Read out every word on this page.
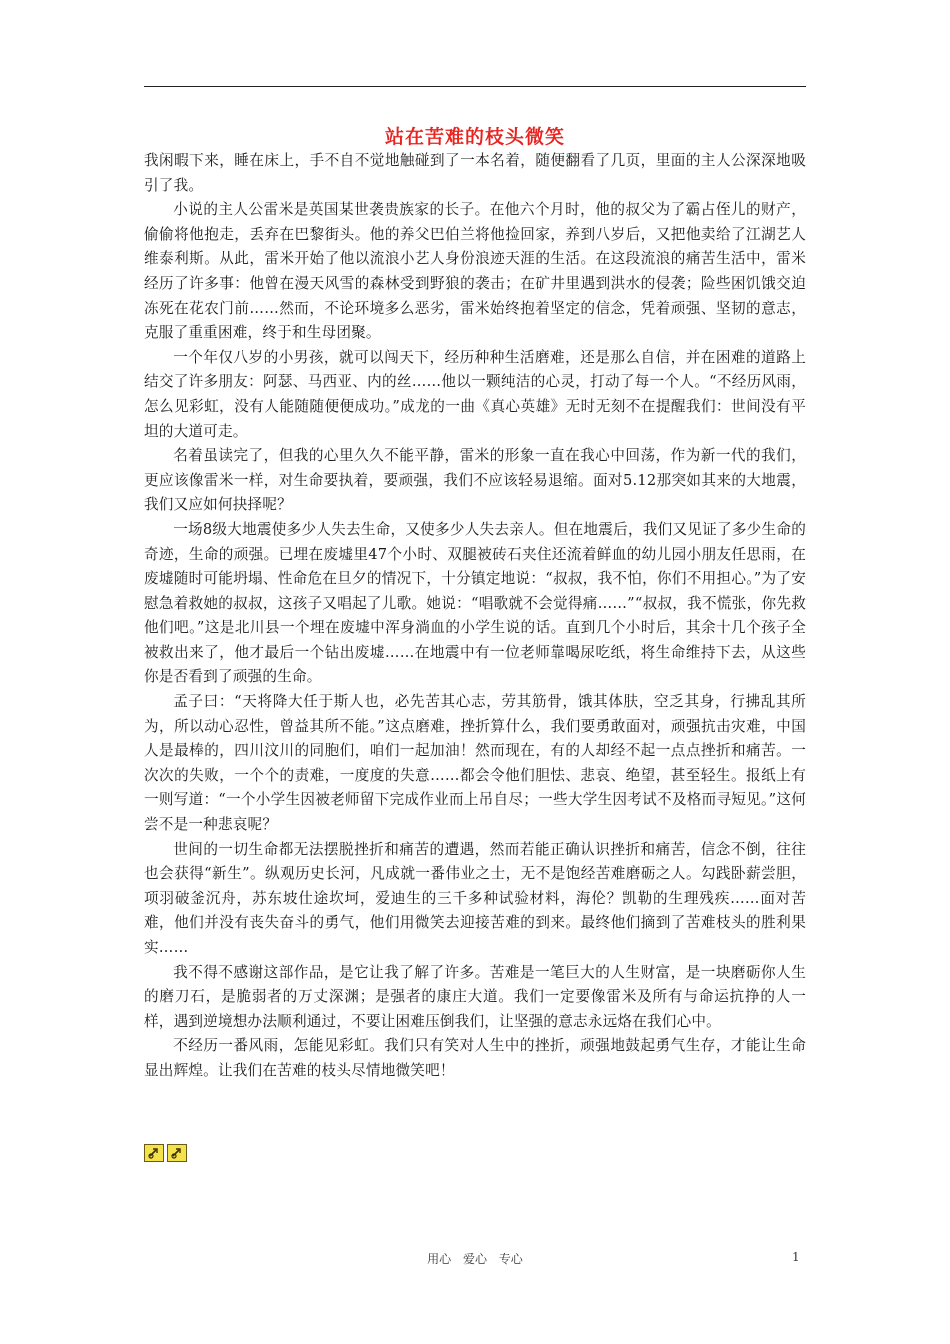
站在苦难的枝头微笑

我闲暇下来，睡在床上，手不自不觉地触碰到了一本名着，随便翻看了几页，里面的主人公深深地吸引了我。

小说的主人公雷米是英国某世袭贵族家的长子。在他六个月时，他的叔父为了霸占侄儿的财产，偷偷将他抱走，丢弃在巴黎街头。他的养父巴伯兰将他捡回家，养到八岁后，又把他卖给了江湖艺人维泰利斯。从此，雷米开始了他以流浪小艺人身份浪迹天涯的生活。在这段流浪的痛苦生活中，雷米经历了许多事：他曾在漫天风雪的森林受到野狼的袭击；在矿井里遇到洪水的侵袭；险些困饥饿交迫冻死在花农门前……然而，不论环境多么恶劣，雷米始终抱着坚定的信念，凭着顽强、坚韧的意志，克服了重重困难，终于和生母团聚。

一个年仅八岁的小男孩，就可以闯天下，经历种种生活磨难，还是那么自信，并在困难的道路上结交了许多朋友：阿瑟、马西亚、内的丝……他以一颗纯洁的心灵，打动了每一个人。“不经历风雨，怎么见彩虹，没有人能随随便便成功。”成龙的一曲《真心英雄》无时无刻不在提醒我们：世间没有平坦的大道可走。

名着虽读完了，但我的心里久久不能平静，雷米的形象一直在我心中回荡，作为新一代的我们，更应该像雷米一样，对生命要执着，要顽强，我们不应该轻易退缩。面对5.12那突如其来的大地震，我们又应如何抉择呢？

一场8级大地震使多少人失去生命，又使多少人失去亲人。但在地震后，我们又见证了多少生命的奇迹，生命的顽强。已埋在废墟里47个小时、双腿被砖石夹住还流着鲜血的幼儿园小朋友任思雨，在废墟随时可能坍塌、性命危在旦夕的情况下，十分镇定地说：“叔叔，我不怕，你们不用担心。”为了安慰急着救她的叔叔，这孩子又唱起了儿歌。她说：“唱歌就不会觉得痛……”“叔叔，我不慌张，你先救他们吧。”这是北川县一个埋在废墟中浑身淌血的小学生说的话。直到几个小时后，其余十几个孩子全被救出来了，他才最后一个钻出废墟……在地震中有一位老师靠喝尿吃纸，将生命维持下去，从这些你是否看到了顽强的生命。

孟子曰：“天将降大任于斯人也，必先苦其心志，劳其筋骨，饿其体肤，空乏其身，行拂乱其所为，所以动心忍性，曾益其所不能。”这点磨难，挫折算什么，我们要勇敢面对，顽强抗击灾难，中国人是最棒的，四川汶川的同胞们，咱们一起加油！然而现在，有的人却经不起一点点挫折和痛苦。一次次的失败，一个个的责难，一度度的失意……都会令他们胆怯、悲哀、绝望，甚至轻生。报纸上有一则写道：“一个小学生因被老师留下完成作业而上吊自尽；一些大学生因考试不及格而寻短见。”这何尝不是一种悲哀呢？

世间的一切生命都无法摆脱挫折和痛苦的遭遇，然而若能正确认识挫折和痛苦，信念不倒，往往也会获得“新生”。纵观历史长河，凡成就一番伟业之士，无不是饱经苦难磨砺之人。勾践卧薪尝胆，项羽破釜沉舟，苏东坡仕途坎坷，爱迪生的三千多种试验材料，海伦？凯勒的生理残疾……面对苦难，他们并没有丧失奋斗的勇气，他们用微笑去迎接苦难的到来。最终他们摘到了苦难枝头的胜利果实……

我不得不感谢这部作品，是它让我了解了许多。苦难是一笔巨大的人生财富，是一块磨砺你人生的磨刀石，是脆弱者的万丈深渊；是强者的康庄大道。我们一定要像雷米及所有与命运抗挣的人一样，遇到逆境想办法顺利通过，不要让困难压倒我们，让坚强的意志永远烙在我们心中。

不经历一番风雨，怎能见彩虹。我们只有笑对人生中的挫折，顽强地鼓起勇气生存，才能让生命显出辉煌。让我们在苦难的枝头尽情地微笑吧！

用心 爱心 专心	1
